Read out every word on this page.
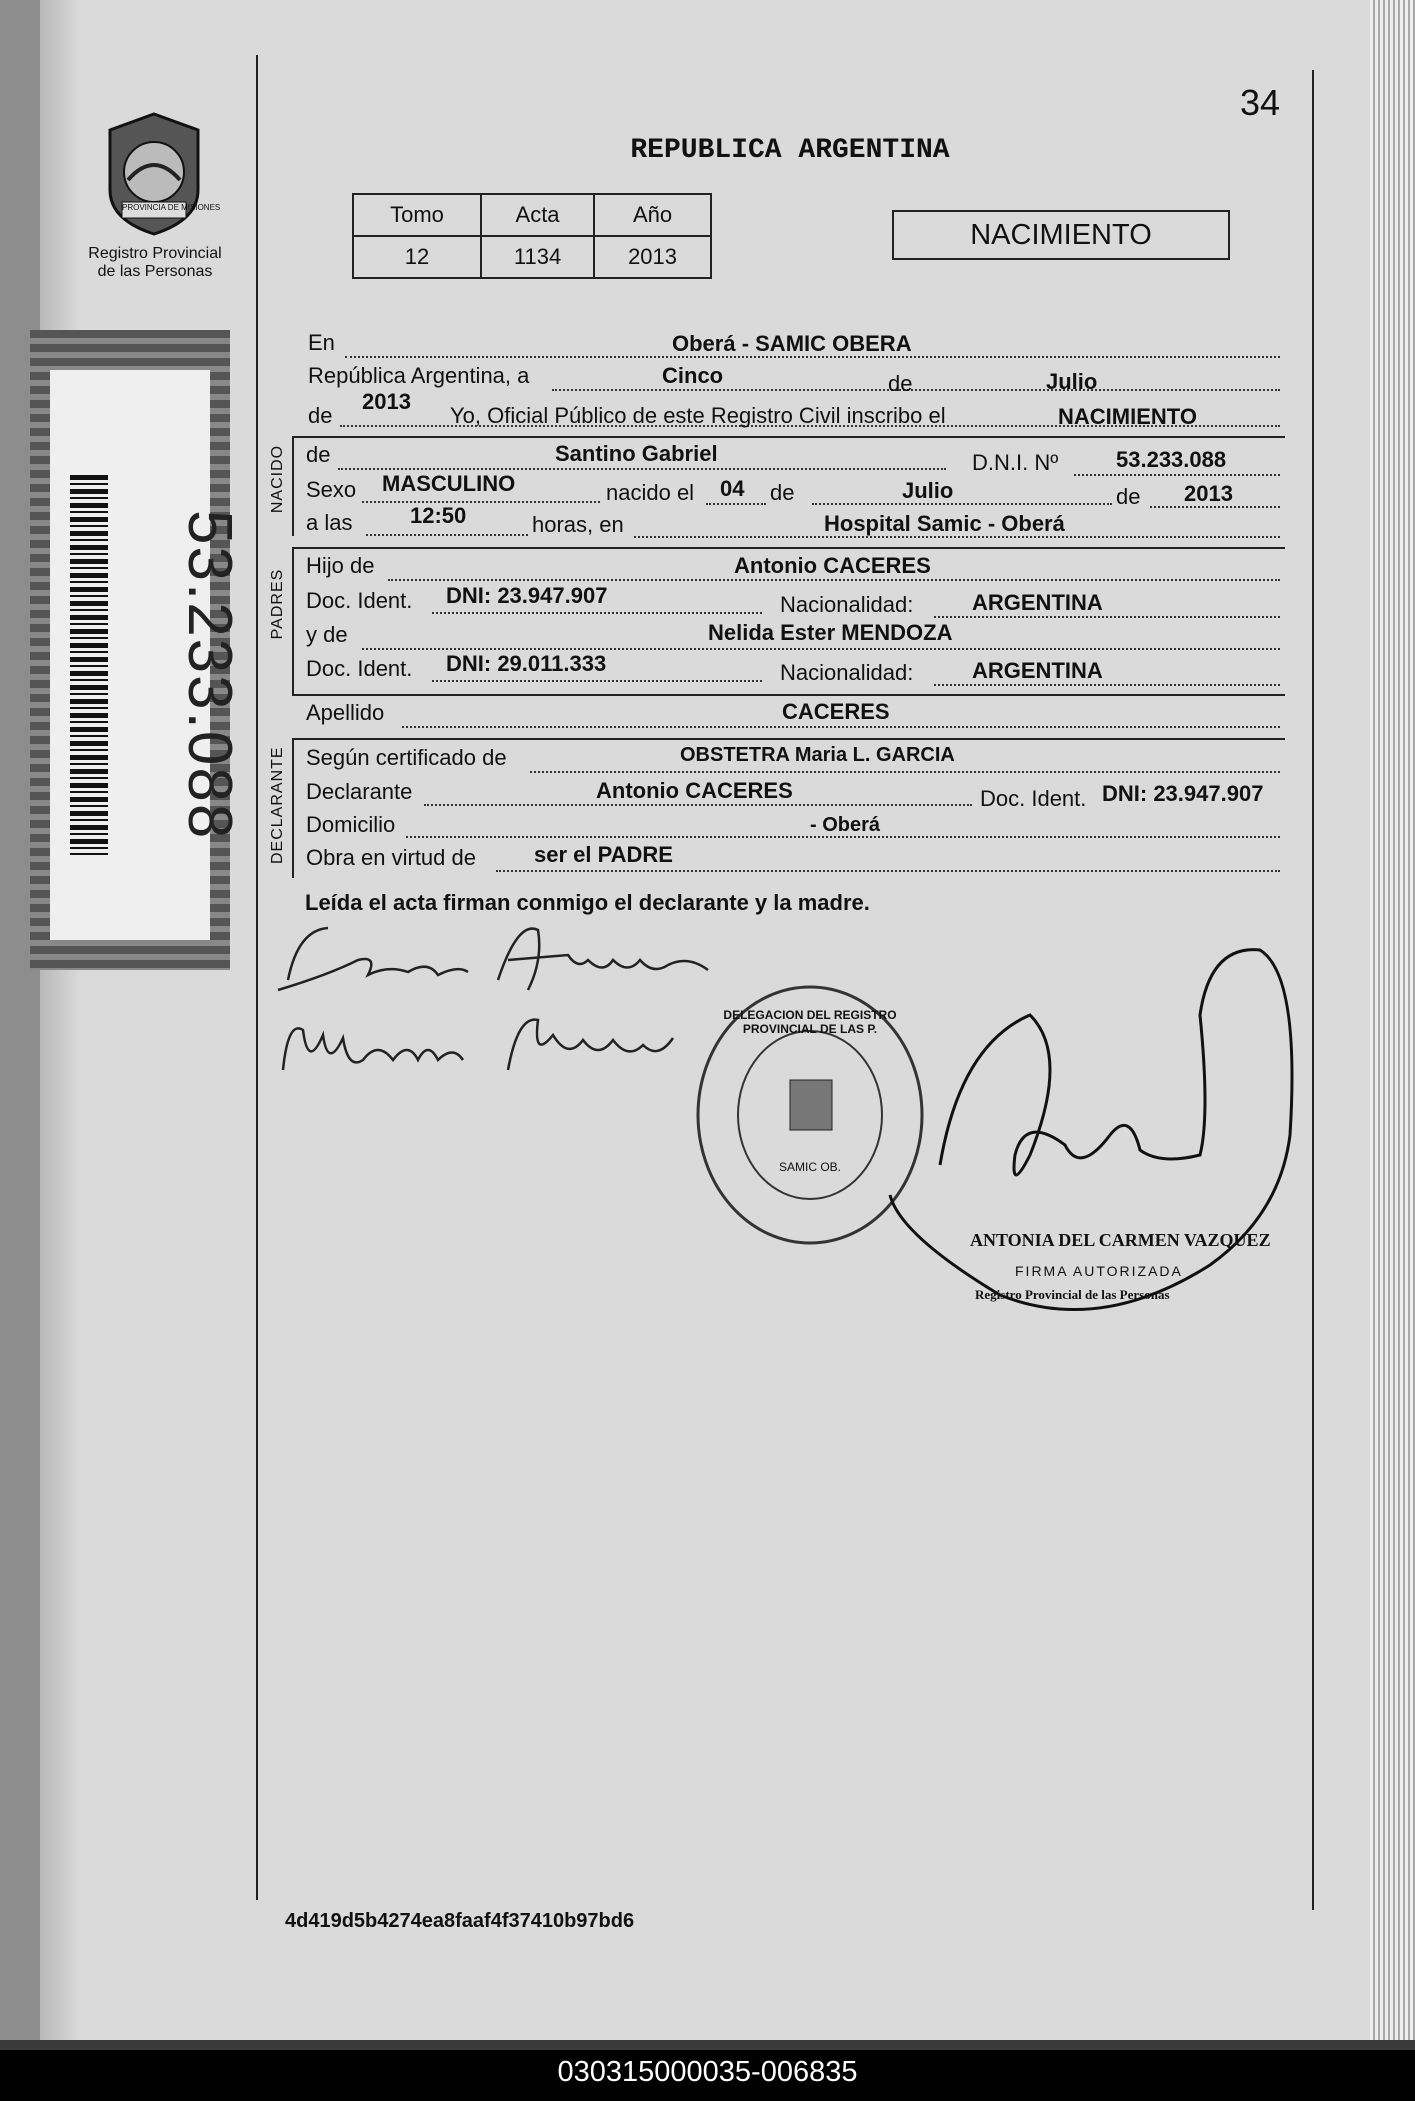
PROVINCIA DE MISIONES
Registro Provincial de las Personas
53.233.088
REPUBLICA ARGENTINA
34
Tomo	Acta	Año
12	1134	2013
NACIMIENTO
En	Oberá - SAMIC OBERA
República Argentina, a	Cinco	de	Julio
de
2013
Yo, Oficial Público de este Registro Civil inscribo el	NACIMIENTO
NACIDO de	Santino Gabriel	D.N.I. Nº	53.233.088
Sexo MASCULINO	nacido el 04 de	Julio	de 2013
a las	12:50	horas, en	Hospital Samic - Oberá
PADRES
Hijo de	Antonio CACERES
Doc. Ident. DNI: 23.947.907	Nacionalidad:	ARGENTINA
y de	Nelida Ester MENDOZA
Doc. Ident. DNI: 29.011.333	Nacionalidad:	ARGENTINA
Apellido	CACERES
DECLARANTE Según certificado de	OBSTETRA Maria L. GARCIA
Declarante	Antonio CACERES	Doc. Ident. DNI: 23.947.907
Domicilio	- Oberá
Obra en virtud de	ser el PADRE
Leída el acta firman conmigo el declarante y la madre.
DELEGACION DEL REGISTRO PROVINCIAL DE LAS P.
SAMIC OB.
ANTONIA DEL CARMEN VAZQUEZ
FIRMA AUTORIZADA
Registro Provincial de las Personas
4d419d5b4274ea8faaf4f37410b97bd6
030315000035-006835
